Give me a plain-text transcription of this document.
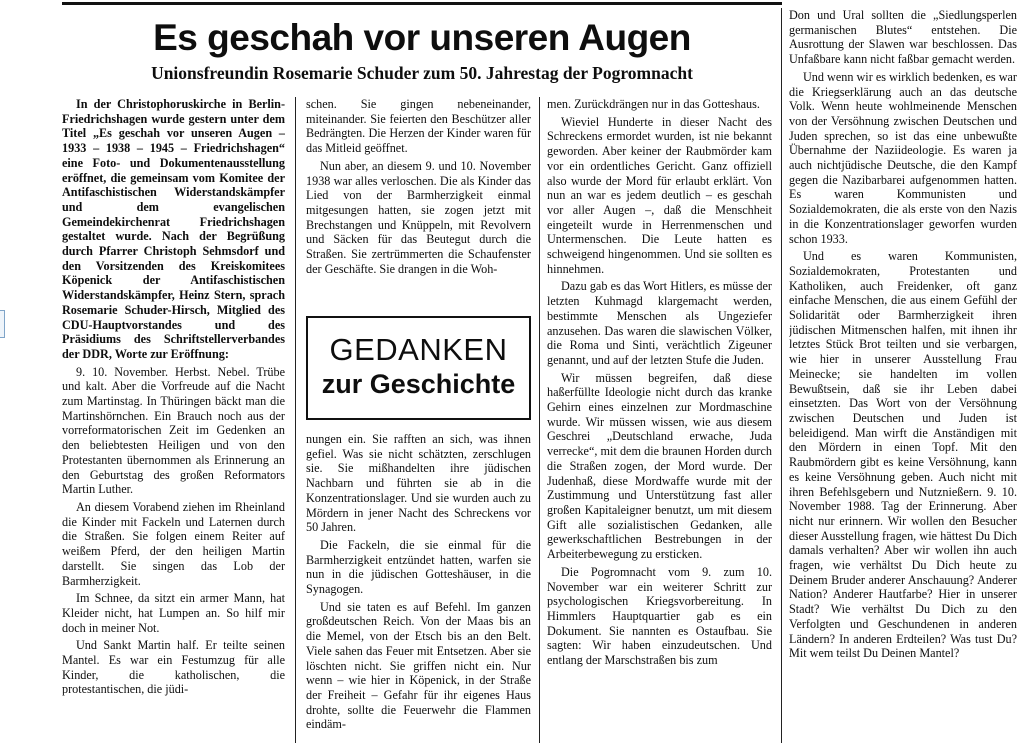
Es geschah vor unseren Augen
Unionsfreundin Rosemarie Schuder zum 50. Jahrestag der Pogromnacht

In der Christophoruskirche in Berlin-Friedrichshagen wurde gestern unter dem Titel „Es geschah vor unseren Augen – 1933 – 1938 – 1945 – Friedrichshagen“ eine Foto- und Dokumentenausstellung eröffnet, die gemeinsam vom Komitee der Antifaschistischen Widerstandskämpfer und dem evangelischen Gemeindekirchenrat Friedrichshagen gestaltet wurde. Nach der Begrüßung durch Pfarrer Christoph Sehmsdorf und den Vorsitzenden des Kreiskomitees Köpenick der Antifaschistischen Widerstandskämpfer, Heinz Stern, sprach Rosemarie Schuder-Hirsch, Mitglied des CDU-Hauptvorstandes und des Präsidiums des Schriftstellerverbandes der DDR, Worte zur Eröffnung:

9. 10. November. Herbst. Nebel. Trübe und kalt. Aber die Vorfreude auf die Nacht zum Martinstag. In Thüringen bäckt man die Martinshörnchen. Ein Brauch noch aus der vorreformatorischen Zeit im Gedenken an den beliebtesten Heiligen und von den Protestanten übernommen als Erinnerung an den Geburtstag des großen Reformators Martin Luther.

An diesem Vorabend ziehen im Rheinland die Kinder mit Fackeln und Laternen durch die Straßen. Sie folgen einem Reiter auf weißem Pferd, der den heiligen Martin darstellt. Sie singen das Lob der Barmherzigkeit.

Im Schnee, da sitzt ein armer Mann, hat Kleider nicht, hat Lumpen an. So hilf mir doch in meiner Not.

Und Sankt Martin half. Er teilte seinen Mantel. Es war ein Festumzug für alle Kinder, die katholischen, die protestantischen, die jüdi-

schen. Sie gingen nebeneinander, miteinander. Sie feierten den Beschützer aller Bedrängten. Die Herzen der Kinder waren für das Mitleid geöffnet.

Nun aber, an diesem 9. und 10. November 1938 war alles verloschen. Die als Kinder das Lied von der Barmherzigkeit einmal mitgesungen hatten, sie zogen jetzt mit Brechstangen und Knüppeln, mit Revolvern und Säcken für das Beutegut durch die Straßen. Sie zertrümmerten die Schaufenster der Geschäfte. Sie drangen in die Woh-

GEDANKEN
zur Geschichte

nungen ein. Sie rafften an sich, was ihnen gefiel. Was sie nicht schätzten, zerschlugen sie. Sie mißhandelten ihre jüdischen Nachbarn und führten sie ab in die Konzentrationslager. Und sie wurden auch zu Mördern in jener Nacht des Schreckens vor 50 Jahren.

Die Fackeln, die sie einmal für die Barmherzigkeit entzündet hatten, warfen sie nun in die jüdischen Gotteshäuser, in die Synagogen.

Und sie taten es auf Befehl. Im ganzen großdeutschen Reich. Von der Maas bis an die Memel, von der Etsch bis an den Belt. Viele sahen das Feuer mit Entsetzen. Aber sie löschten nicht. Sie griffen nicht ein. Nur wenn – wie hier in Köpenick, in der Straße der Freiheit – Gefahr für ihr eigenes Haus drohte, sollte die Feuerwehr die Flammen eindäm-

men. Zurückdrängen nur in das Gotteshaus.

Wieviel Hunderte in dieser Nacht des Schreckens ermordet wurden, ist nie bekannt geworden. Aber keiner der Raubmörder kam vor ein ordentliches Gericht. Ganz offiziell also wurde der Mord für erlaubt erklärt. Von nun an war es jedem deutlich – es geschah vor aller Augen –, daß die Menschheit eingeteilt wurde in Herrenmenschen und Untermenschen. Die Leute hatten es schweigend hingenommen. Und sie sollten es hinnehmen.

Dazu gab es das Wort Hitlers, es müsse der letzten Kuhmagd klargemacht werden, bestimmte Menschen als Ungeziefer anzusehen. Das waren die slawischen Völker, die Roma und Sinti, verächtlich Zigeuner genannt, und auf der letzten Stufe die Juden.

Wir müssen begreifen, daß diese haßerfüllte Ideologie nicht durch das kranke Gehirn eines einzelnen zur Mordmaschine wurde. Wir müssen wissen, wie aus diesem Geschrei „Deutschland erwache, Juda verrecke“, mit dem die braunen Horden durch die Straßen zogen, der Mord wurde. Der Judenhaß, diese Mordwaffe wurde mit der Zustimmung und Unterstützung fast aller großen Kapitaleigner benutzt, um mit diesem Gift alle sozialistischen Gedanken, alle gewerkschaftlichen Bestrebungen in der Arbeiterbewegung zu ersticken.

Die Pogromnacht vom 9. zum 10. November war ein weiterer Schritt zur psychologischen Kriegsvorbereitung. In Himmlers Hauptquartier gab es ein Dokument. Sie nannten es Ostaufbau. Sie sagten: Wir haben einzudeutschen. Und entlang der Marschstraßen bis zum

Don und Ural sollten die „Siedlungsperlen germanischen Blutes“ entstehen. Die Ausrottung der Slawen war beschlossen. Das Unfaßbare kann nicht faßbar gemacht werden.

Und wenn wir es wirklich bedenken, es war die Kriegserklärung auch an das deutsche Volk. Wenn heute wohlmeinende Menschen von der Versöhnung zwischen Deutschen und Juden sprechen, so ist das eine unbewußte Übernahme der Naziideologie. Es waren ja auch nichtjüdische Deutsche, die den Kampf gegen die Nazibarbarei aufgenommen hatten. Es waren Kommunisten und Sozialdemokraten, die als erste von den Nazis in die Konzentrationslager geworfen wurden schon 1933.

Und es waren Kommunisten, Sozialdemokraten, Protestanten und Katholiken, auch Freidenker, oft ganz einfache Menschen, die aus einem Gefühl der Solidarität oder Barmherzigkeit ihren jüdischen Mitmenschen halfen, mit ihnen ihr letztes Stück Brot teilten und sie verbargen, wie hier in unserer Ausstellung Frau Meinecke; sie handelten im vollen Bewußtsein, daß sie ihr Leben dabei einsetzten. Das Wort von der Versöhnung zwischen Deutschen und Juden ist beleidigend. Man wirft die Anständigen mit den Mördern in einen Topf. Mit den Raubmördern gibt es keine Versöhnung, kann es keine Versöhnung geben. Auch nicht mit ihren Befehlsgebern und Nutznießern. 9. 10. November 1988. Tag der Erinnerung. Aber nicht nur erinnern. Wir wollen den Besucher dieser Ausstellung fragen, wie hättest Du Dich damals verhalten? Aber wir wollen ihn auch fragen, wie verhältst Du Dich heute zu Deinem Bruder anderer Anschauung? Anderer Nation? Anderer Hautfarbe? Hier in unserer Stadt? Wie verhältst Du Dich zu den Verfolgten und Geschundenen in anderen Ländern? In anderen Erdteilen? Was tust Du? Mit wem teilst Du Deinen Mantel?
